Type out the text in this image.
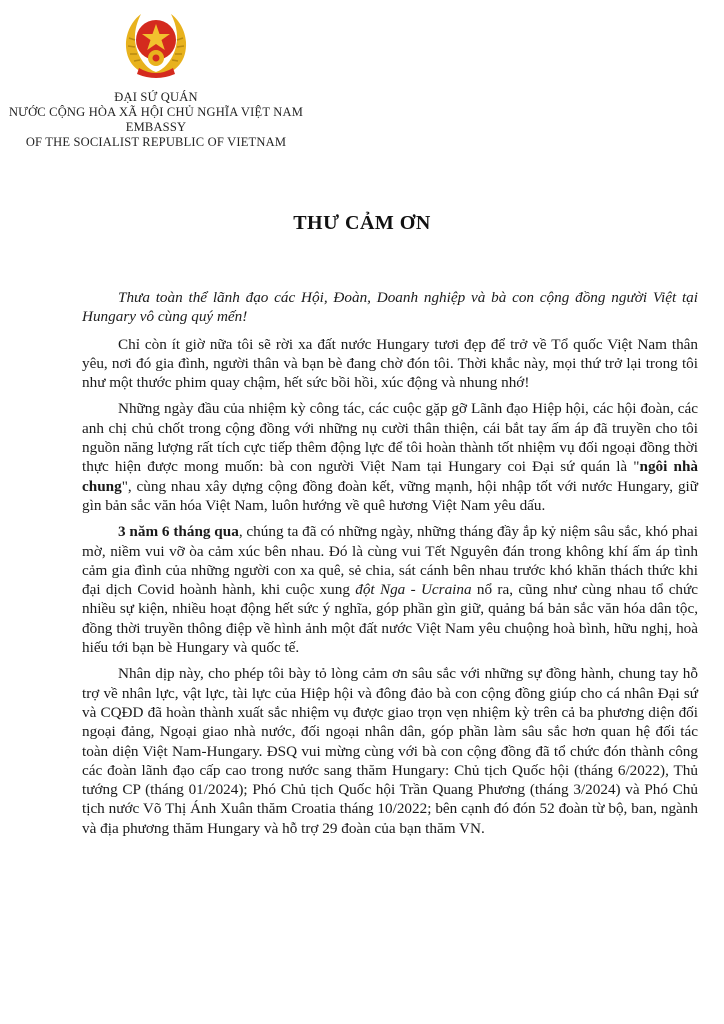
ĐẠI SỨ QUÁN
NƯỚC CỘNG HÒA XÃ HỘI CHỦ NGHĨA VIỆT NAM
EMBASSY
OF THE SOCIALIST REPUBLIC OF VIETNAM
THƯ CẢM ƠN

Thưa toàn thể lãnh đạo các Hội, Đoàn, Doanh nghiệp và bà con cộng đồng người Việt tại Hungary vô cùng quý mến!

Chỉ còn ít giờ nữa tôi sẽ rời xa đất nước Hungary tươi đẹp để trở về Tổ quốc Việt Nam thân yêu, nơi đó gia đình, người thân và bạn bè đang chờ đón tôi. Thời khắc này, mọi thứ trở lại trong tôi như một thước phim quay chậm, hết sức bồi hồi, xúc động và nhung nhớ!

Những ngày đầu của nhiệm kỳ công tác, các cuộc gặp gỡ Lãnh đạo Hiệp hội, các hội đoàn, các anh chị chủ chốt trong cộng đồng với những nụ cười thân thiện, cái bắt tay ấm áp đã truyền cho tôi nguồn năng lượng rất tích cực tiếp thêm động lực để tôi hoàn thành tốt nhiệm vụ đối ngoại đồng thời thực hiện được mong muốn: bà con người Việt Nam tại Hungary coi Đại sứ quán là "ngôi nhà chung", cùng nhau xây dựng cộng đồng đoàn kết, vững mạnh, hội nhập tốt với nước Hungary, giữ gìn bản sắc văn hóa Việt Nam, luôn hướng về quê hương Việt Nam yêu dấu.

3 năm 6 tháng qua, chúng ta đã có những ngày, những tháng đầy ắp kỷ niệm sâu sắc, khó phai mờ, niềm vui vỡ òa cảm xúc bên nhau. Đó là cùng vui Tết Nguyên đán trong không khí ấm áp tình cảm gia đình của những người con xa quê, sẻ chia, sát cánh bên nhau trước khó khăn thách thức khi đại dịch Covid hoành hành, khi cuộc xung đột Nga - Ucraina nổ ra, cũng như cùng nhau tổ chức nhiều sự kiện, nhiều hoạt động hết sức ý nghĩa, góp phần gìn giữ, quảng bá bản sắc văn hóa dân tộc, đồng thời truyền thông điệp về hình ảnh một đất nước Việt Nam yêu chuộng hoà bình, hữu nghị, hoà hiếu tới bạn bè Hungary và quốc tế.

Nhân dịp này, cho phép tôi bày tỏ lòng cảm ơn sâu sắc với những sự đồng hành, chung tay hỗ trợ về nhân lực, vật lực, tài lực của Hiệp hội và đông đảo bà con cộng đồng giúp cho cá nhân Đại sứ và CQĐD đã hoàn thành xuất sắc nhiệm vụ được giao trọn vẹn nhiệm kỳ trên cả ba phương diện đối ngoại đảng, Ngoại giao nhà nước, đối ngoại nhân dân, góp phần làm sâu sắc hơn quan hệ đối tác toàn diện Việt Nam-Hungary. ĐSQ vui mừng cùng với bà con cộng đồng đã tổ chức đón thành công các đoàn lãnh đạo cấp cao trong nước sang thăm Hungary: Chủ tịch Quốc hội (tháng 6/2022), Thủ tướng CP (tháng 01/2024); Phó Chủ tịch Quốc hội Trần Quang Phương (tháng 3/2024) và Phó Chủ tịch nước Võ Thị Ánh Xuân thăm Croatia tháng 10/2022; bên cạnh đó đón 52 đoàn từ bộ, ban, ngành và địa phương thăm Hungary và hỗ trợ 29 đoàn của bạn thăm VN.
